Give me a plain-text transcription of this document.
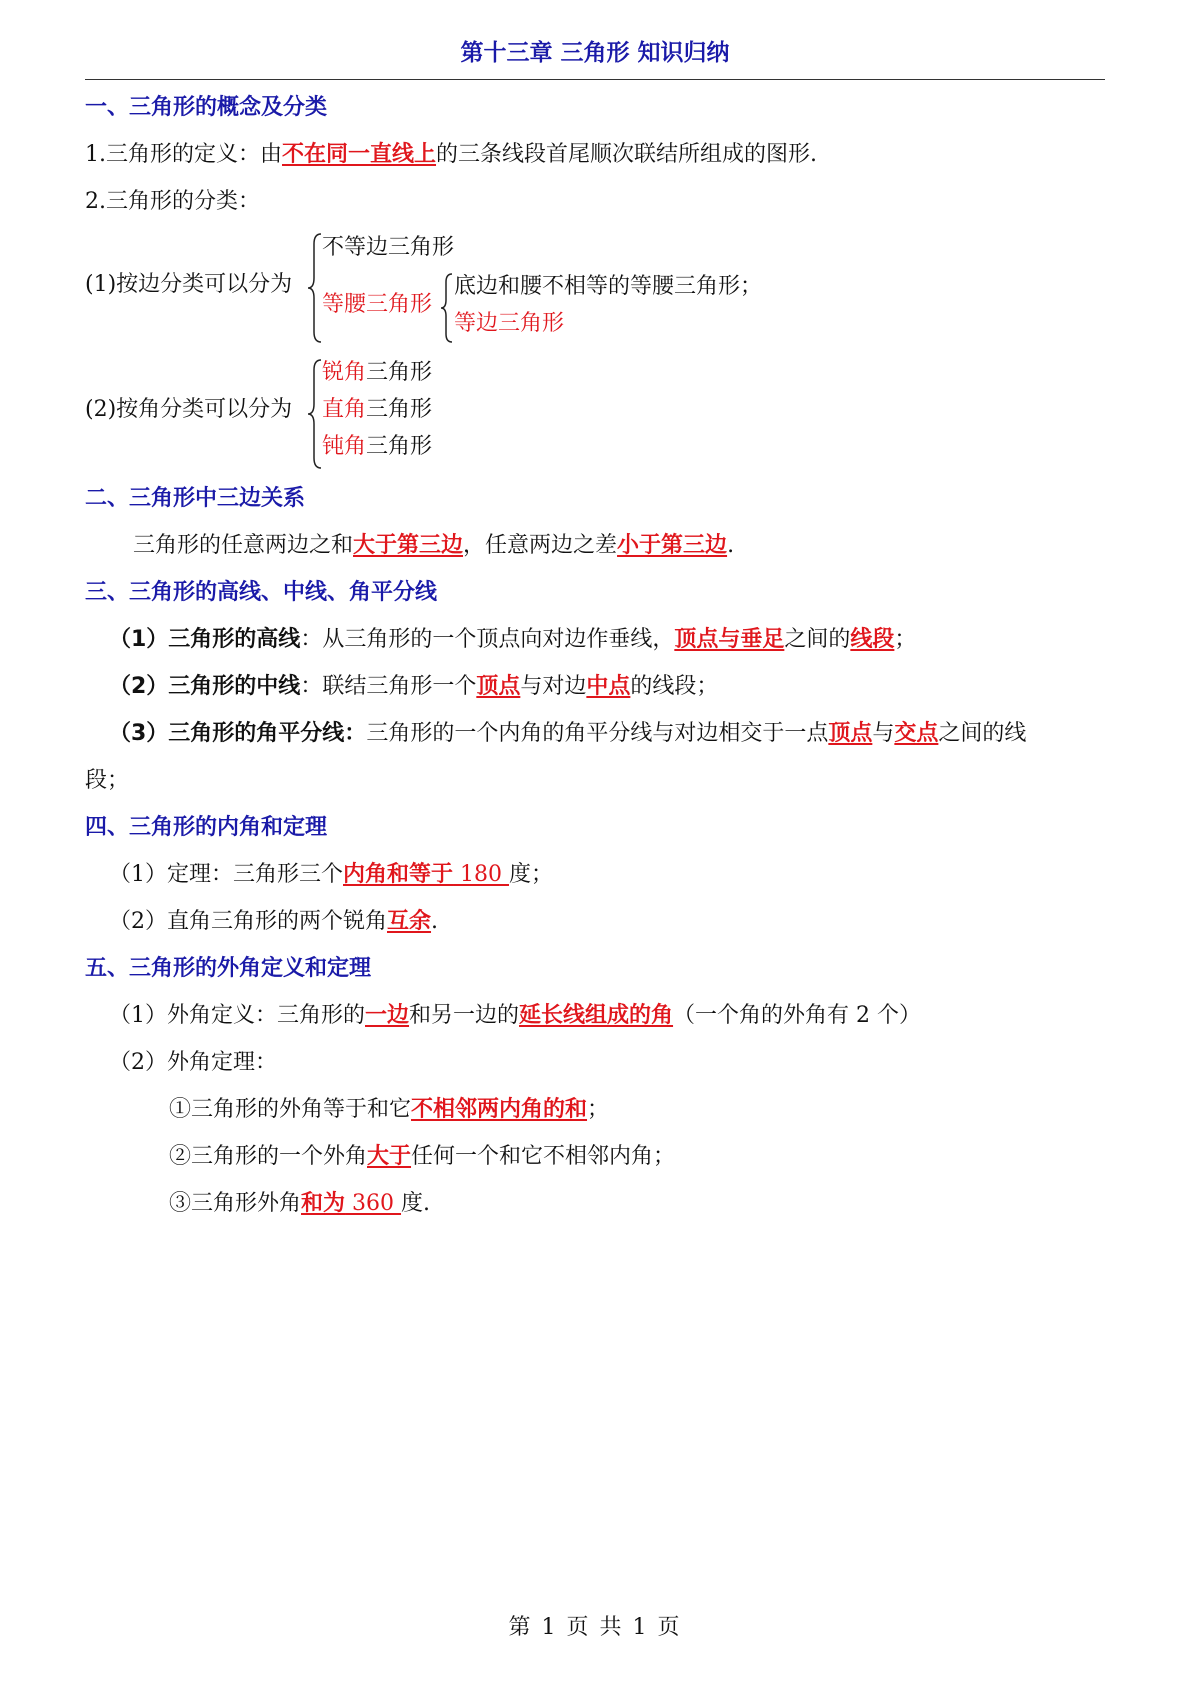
第十三章 三角形 知识归纳
一、三角形的概念及分类
1.三角形的定义：由不在同一直线上的三条线段首尾顺次联结所组成的图形.
2.三角形的分类：
(1)按边分类可以分为
不等边三角形
等腰三角形
底边和腰不相等的等腰三角形；
等边三角形
(2)按角分类可以分为
锐角三角形
直角三角形
钝角三角形
二、三角形中三边关系
三角形的任意两边之和大于第三边，任意两边之差小于第三边.
三、三角形的高线、中线、角平分线
（1）三角形的高线：从三角形的一个顶点向对边作垂线，顶点与垂足之间的线段；
（2）三角形的中线：联结三角形一个顶点与对边中点的线段；
（3）三角形的角平分线：三角形的一个内角的角平分线与对边相交于一点顶点与交点之间的线
段；
四、三角形的内角和定理
（1）定理：三角形三个内角和等于 180 度；
（2）直角三角形的两个锐角互余.
五、三角形的外角定义和定理
（1）外角定义：三角形的一边和另一边的延长线组成的角（一个角的外角有 2 个）
（2）外角定理：
①三角形的外角等于和它不相邻两内角的和；
②三角形的一个外角大于任何一个和它不相邻内角；
③三角形外角和为 360 度.
第 1 页 共 1 页
